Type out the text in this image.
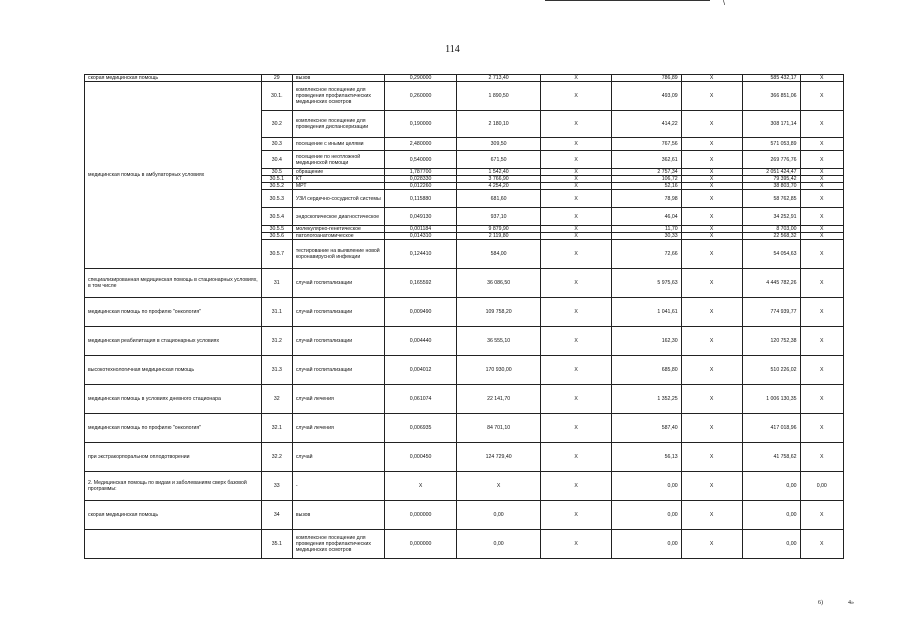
\
114
скорая медицинская помощь	29	вызов	0,290000	2 713,40	X	786,89	X	585 432,17	X
медицинская помощь в амбулаторных условиях	30.1.	комплексное посещение для проведения профилактических медицинских осмотров	0,260000	1 890,50	X	493,09	X	366 851,06	X
	30.2	комплексное посещение для проведения диспансеризации	0,190000	2 180,10	X	414,22	X	308 171,14	X
	30.3	посещение с иными целями	2,480000	309,50	X	767,56	X	571 053,89	X
	30.4	посещение по неотложной медицинской помощи	0,540000	671,50	X	362,61	X	269 776,76	X
	30.5	обращение	1,787700	1 542,40	X	2 757,34	X	2 051 424,47	X
	30.5.1	КТ	0,028330	3 766,90	X	106,72	X	79 395,42	X
	30.5.2	МРТ	0,012260	4 254,20	X	52,16	X	38 803,70	X
	30.5.3	УЗИ сердечно-сосудистой системы	0,115880	681,60	X	78,98	X	58 762,85	X
	30.5.4	эндоскопическое диагностическое	0,049130	937,10	X	46,04	X	34 252,91	X
	30.5.5	молекулярно-генетическое	0,001184	9 879,90	X	11,70	X	8 703,00	X
	30.5.6	патологоанатомическое	0,014310	2 119,80	X	30,33	X	22 568,32	X
	30.5.7	тестирование на выявление новой коронавирусной инфекции	0,124410	584,00	X	72,66	X	54 054,63	X
специализированная медицинская помощь в стационарных условиях, в том числе	31	случай госпитализации	0,165592	36 086,50	X	5 975,63	X	4 445 782,26	X
медицинская помощь по профилю "онкология"	31.1	случай госпитализации	0,009490	109 758,20	X	1 041,61	X	774 939,77	X
медицинская реабилитация в стационарных условиях	31.2	случай госпитализации	0,004440	36 555,10	X	162,30	X	120 752,38	X
высокотехнологичная медицинская помощь	31.3	случай госпитализации	0,004012	170 930,00	X	685,80	X	510 226,02	X
медицинская помощь в условиях дневного стационара	32	случай лечения	0,061074	22 141,70	X	1 352,25	X	1 006 130,35	X
медицинская помощь по профилю "онкология"	32.1	случай лечения	0,006935	84 701,10	X	587,40	X	417 018,96	X
при экстракорпоральном оплодотворении	32.2	случай	0,000450	124 729,40	X	56,13	X	41 758,62	X
2. Медицинская помощь по видам и заболеваниям сверх базовой программы:	33	-	X	X	X	0,00	X	0,00	0,00
скорая медицинская помощь	34	вызов	0,000000	0,00	X	0,00	X	0,00	X
	35.1	комплексное посещение для проведения профилактических медицинских осмотров	0,000000	0,00	X	0,00	X	0,00	X
6)	4»
